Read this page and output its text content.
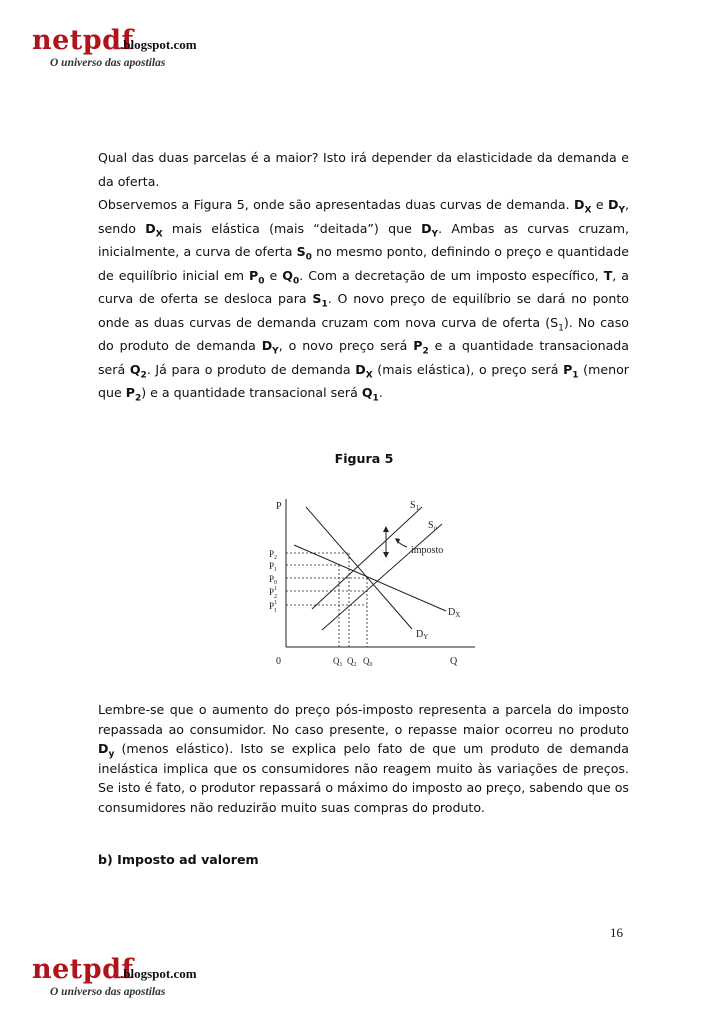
netpdf
.blogspot.com
O universo das apostilas

Qual das duas parcelas é a maior? Isto irá depender da elasticidade da demanda e da oferta.

Observemos a Figura 5, onde são apresentadas duas curvas de demanda. $D_X$ e $D_Y$, sendo $D_X$ mais elástica (mais “deitada”) que $D_Y$. Ambas as curvas cruzam, inicialmente, a curva de oferta $S_0$ no mesmo ponto, definindo o preço e quantidade de equilíbrio inicial em $P_0$ e $Q_0$. Com a decretação de um imposto específico, T, a curva de oferta se desloca para $S_1$. O novo preço de equilíbrio se dará no ponto onde as duas curvas de demanda cruzam com nova curva de oferta $(S_1)$. No caso do produto de demanda $D_Y$, o novo preço será $P_2$ e a quantidade transacionada será $Q_2$. Já para o produto de demanda $D_X$ (mais elástica), o preço será $P_1$ (menor que $P_2$) e a quantidade transacional será $Q_1$.

Figura 5
P
Q
0
$S_1$
$S_o$
$D_X$
$D_Y$
imposto
$P_2$
$P_1$
$P_0$
$P^1$ 2
$P^1$ 1
$Q_1$ $Q_2$ $Q_0$

Lembre-se que o aumento do preço pós-imposto representa a parcela do imposto repassada ao consumidor. No caso presente, o repasse maior ocorreu no produto $D_y$ (menos elástico). Isto se explica pelo fato de que um produto de demanda inelástica implica que os consumidores não reagem muito às variações de preços. Se isto é fato, o produtor repassará o máximo do imposto ao preço, sabendo que os consumidores não reduzirão muito suas compras do produto.

b) Imposto ad valorem
16
netpdf
.blogspot.com
O universo das apostilas
